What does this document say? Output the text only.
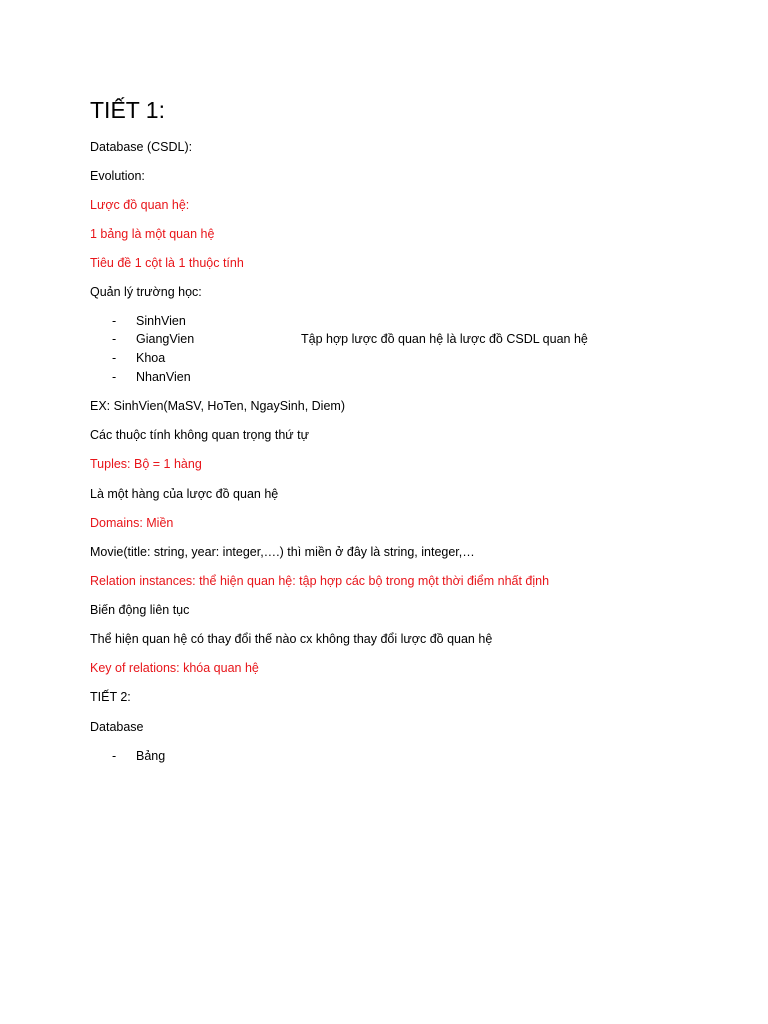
TIẾT 1:
Database (CSDL):
Evolution:
Lược đồ quan hệ:
1 bảng là một quan hệ
Tiêu đề 1 cột là 1 thuộc tính
Quản lý trường học:
- SinhVien
- GiangVien
- Khoa
- NhanVien
Tập hợp lược đồ quan hệ là lược đồ CSDL quan hệ
EX: SinhVien(MaSV, HoTen, NgaySinh, Diem)
Các thuộc tính không quan trọng thứ tự
Tuples: Bộ = 1 hàng
Là một hàng của lược đồ quan hệ
Domains: Miền
Movie(title: string, year: integer,….) thì miền ở đây là string, integer,…
Relation instances: thể hiện quan hệ: tập hợp các bộ trong một thời điểm nhất định
Biến động liên tục
Thể hiện quan hệ có thay đổi thế nào cx không thay đổi lược đồ quan hệ
Key of relations: khóa quan hệ
TIẾT 2:
Database
- Bảng
